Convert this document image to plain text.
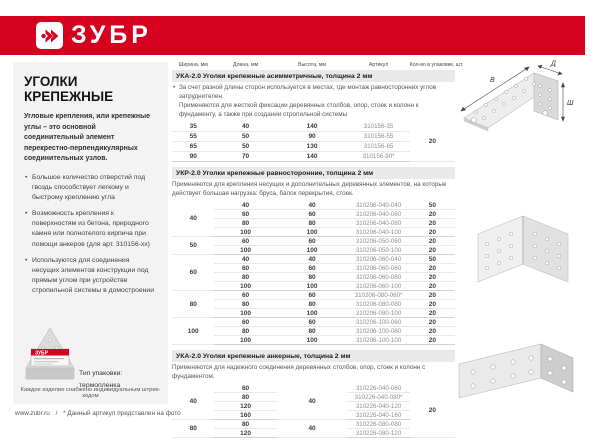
ЗУБР
УГОЛКИ КРЕПЕЖНЫЕ

Угловые крепления, или крепежные углы – это основной соединительный элемент перекрестно-перпендикулярных соединительных узлов.

• Большое количество отверстий под гвоздь способствует легкому и быстрому креплению угла
• Возможность крепления к поверхностям из бетона, природного камня или полнотелого кирпича при помощи анкеров (для арт. 310156-хх)
• Используются для соединения несущих элементов конструкции под прямым углом при устройстве стропильной системы в домостроении
ЗУБР
Тип упаковки:
термопленка
Каждое изделие снабжено индивидуальным штрих-кодом
www.zubr.ru / * Данный артикул представлен на фото
Ширина, мм	Длина, мм	Высота, мм	Артикул	Кол-во в упаковке, шт.
УКА-2.0 Уголки крепежные асимметричные, толщина 2 мм
• За счет разной длины сторон используется в местах, где монтаж равносторонних углов затруднителен.
Применяются для жесткой фиксации деревянных столбов, опор, стоек и колонн к фундаменту, а также при создании стропильной системы
35	40	140	310156-35	20
55	50	90	310156-55	
65	50	130	310156-65	
90	70	140	310156-90*	
УКР-2.0 Уголки крепежные равносторонние, толщина 2 мм
Применяются для крепления несущих и дополнительных деревянных элементов, на которые действует большая нагрузка: бруса, балок перекрытия, стоек.
40	40	40	310206-040-040	50
	60	60	310206-040-060	20
	80	80	310206-040-080	20
	100	100	310206-040-100	20
50	60	60	310206-050-060	20
	100	100	310206-050-100	20
60	40	40	310206-060-040	50
	60	60	310206-060-060	20
	80	80	310206-060-080	20
	100	100	310206-060-100	20
80	60	60	310206-080-060*	20
	80	80	310206-080-080	20
	100	100	310206-080-100	20
100	60	60	310206-100-060	20
	80	80	310206-100-080	20
	100	100	310206-100-100	20
УКА-2.0 Уголки крепежные анкерные, толщина 2 мм
Применяются для надежного соединения деревянных столбов, опор, стоек и колонн с фундаментом.
40	60	40	310226-040-060	20
	80		310226-040-080*	
	120		310226-040-120	
	160		310226-040-160	
80	80	40	310226-080-080	
	120		310226-080-120	
В
Д
Ш
